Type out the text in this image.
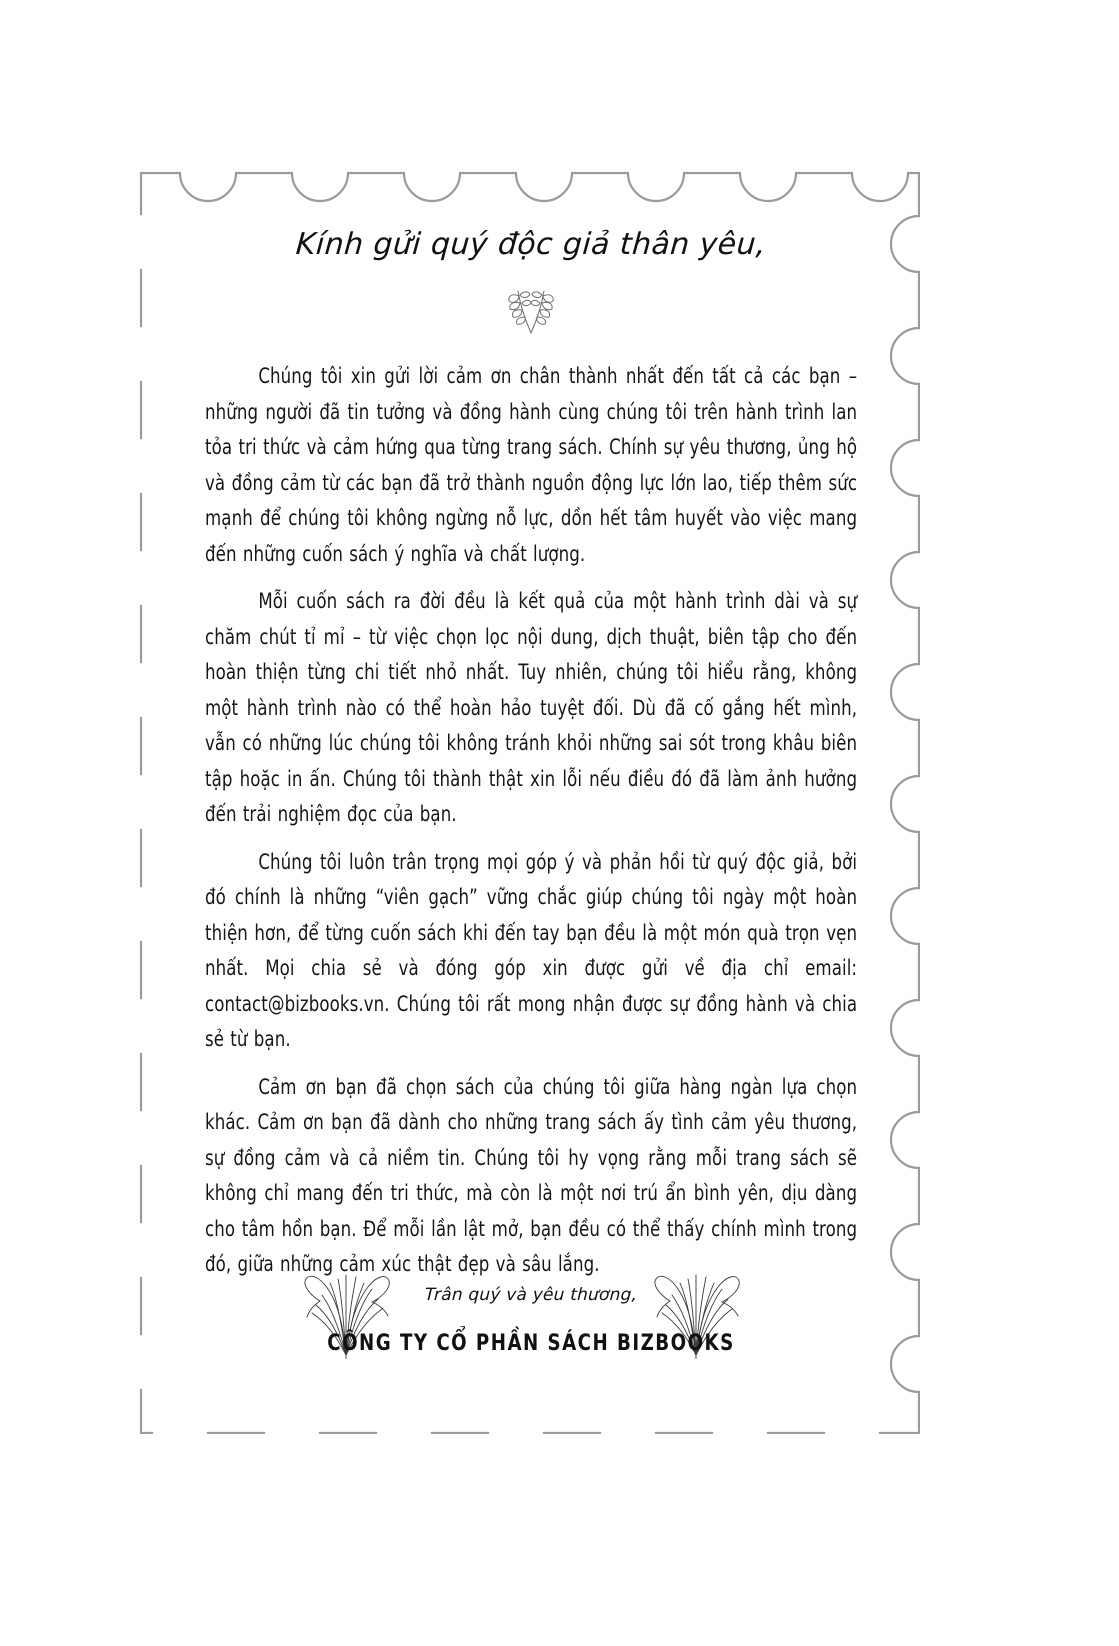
Kính gửi quý độc giả thân yêu,

Chúng tôi xin gửi lời cảm ơn chân thành nhất đến tất cả các bạn – những người đã tin tưởng và đồng hành cùng chúng tôi trên hành trình lan tỏa tri thức và cảm hứng qua từng trang sách. Chính sự yêu thương, ủng hộ và đồng cảm từ các bạn đã trở thành nguồn động lực lớn lao, tiếp thêm sức mạnh để chúng tôi không ngừng nỗ lực, dồn hết tâm huyết vào việc mang đến những cuốn sách ý nghĩa và chất lượng.

Mỗi cuốn sách ra đời đều là kết quả của một hành trình dài và sự chăm chút tỉ mỉ – từ việc chọn lọc nội dung, dịch thuật, biên tập cho đến hoàn thiện từng chi tiết nhỏ nhất. Tuy nhiên, chúng tôi hiểu rằng, không một hành trình nào có thể hoàn hảo tuyệt đối. Dù đã cố gắng hết mình, vẫn có những lúc chúng tôi không tránh khỏi những sai sót trong khâu biên tập hoặc in ấn. Chúng tôi thành thật xin lỗi nếu điều đó đã làm ảnh hưởng đến trải nghiệm đọc của bạn.

Chúng tôi luôn trân trọng mọi góp ý và phản hồi từ quý độc giả, bởi đó chính là những “viên gạch” vững chắc giúp chúng tôi ngày một hoàn thiện hơn, để từng cuốn sách khi đến tay bạn đều là một món quà trọn vẹn nhất. Mọi chia sẻ và đóng góp xin được gửi về địa chỉ email: contact@bizbooks.vn. Chúng tôi rất mong nhận được sự đồng hành và chia sẻ từ bạn.

Cảm ơn bạn đã chọn sách của chúng tôi giữa hàng ngàn lựa chọn khác. Cảm ơn bạn đã dành cho những trang sách ấy tình cảm yêu thương, sự đồng cảm và cả niềm tin. Chúng tôi hy vọng rằng mỗi trang sách sẽ không chỉ mang đến tri thức, mà còn là một nơi trú ẩn bình yên, dịu dàng cho tâm hồn bạn. Để mỗi lần lật mở, bạn đều có thể thấy chính mình trong đó, giữa những cảm xúc thật đẹp và sâu lắng.

Trân quý và yêu thương,
CÔNG TY CỔ PHẦN SÁCH BIZBOOKS
